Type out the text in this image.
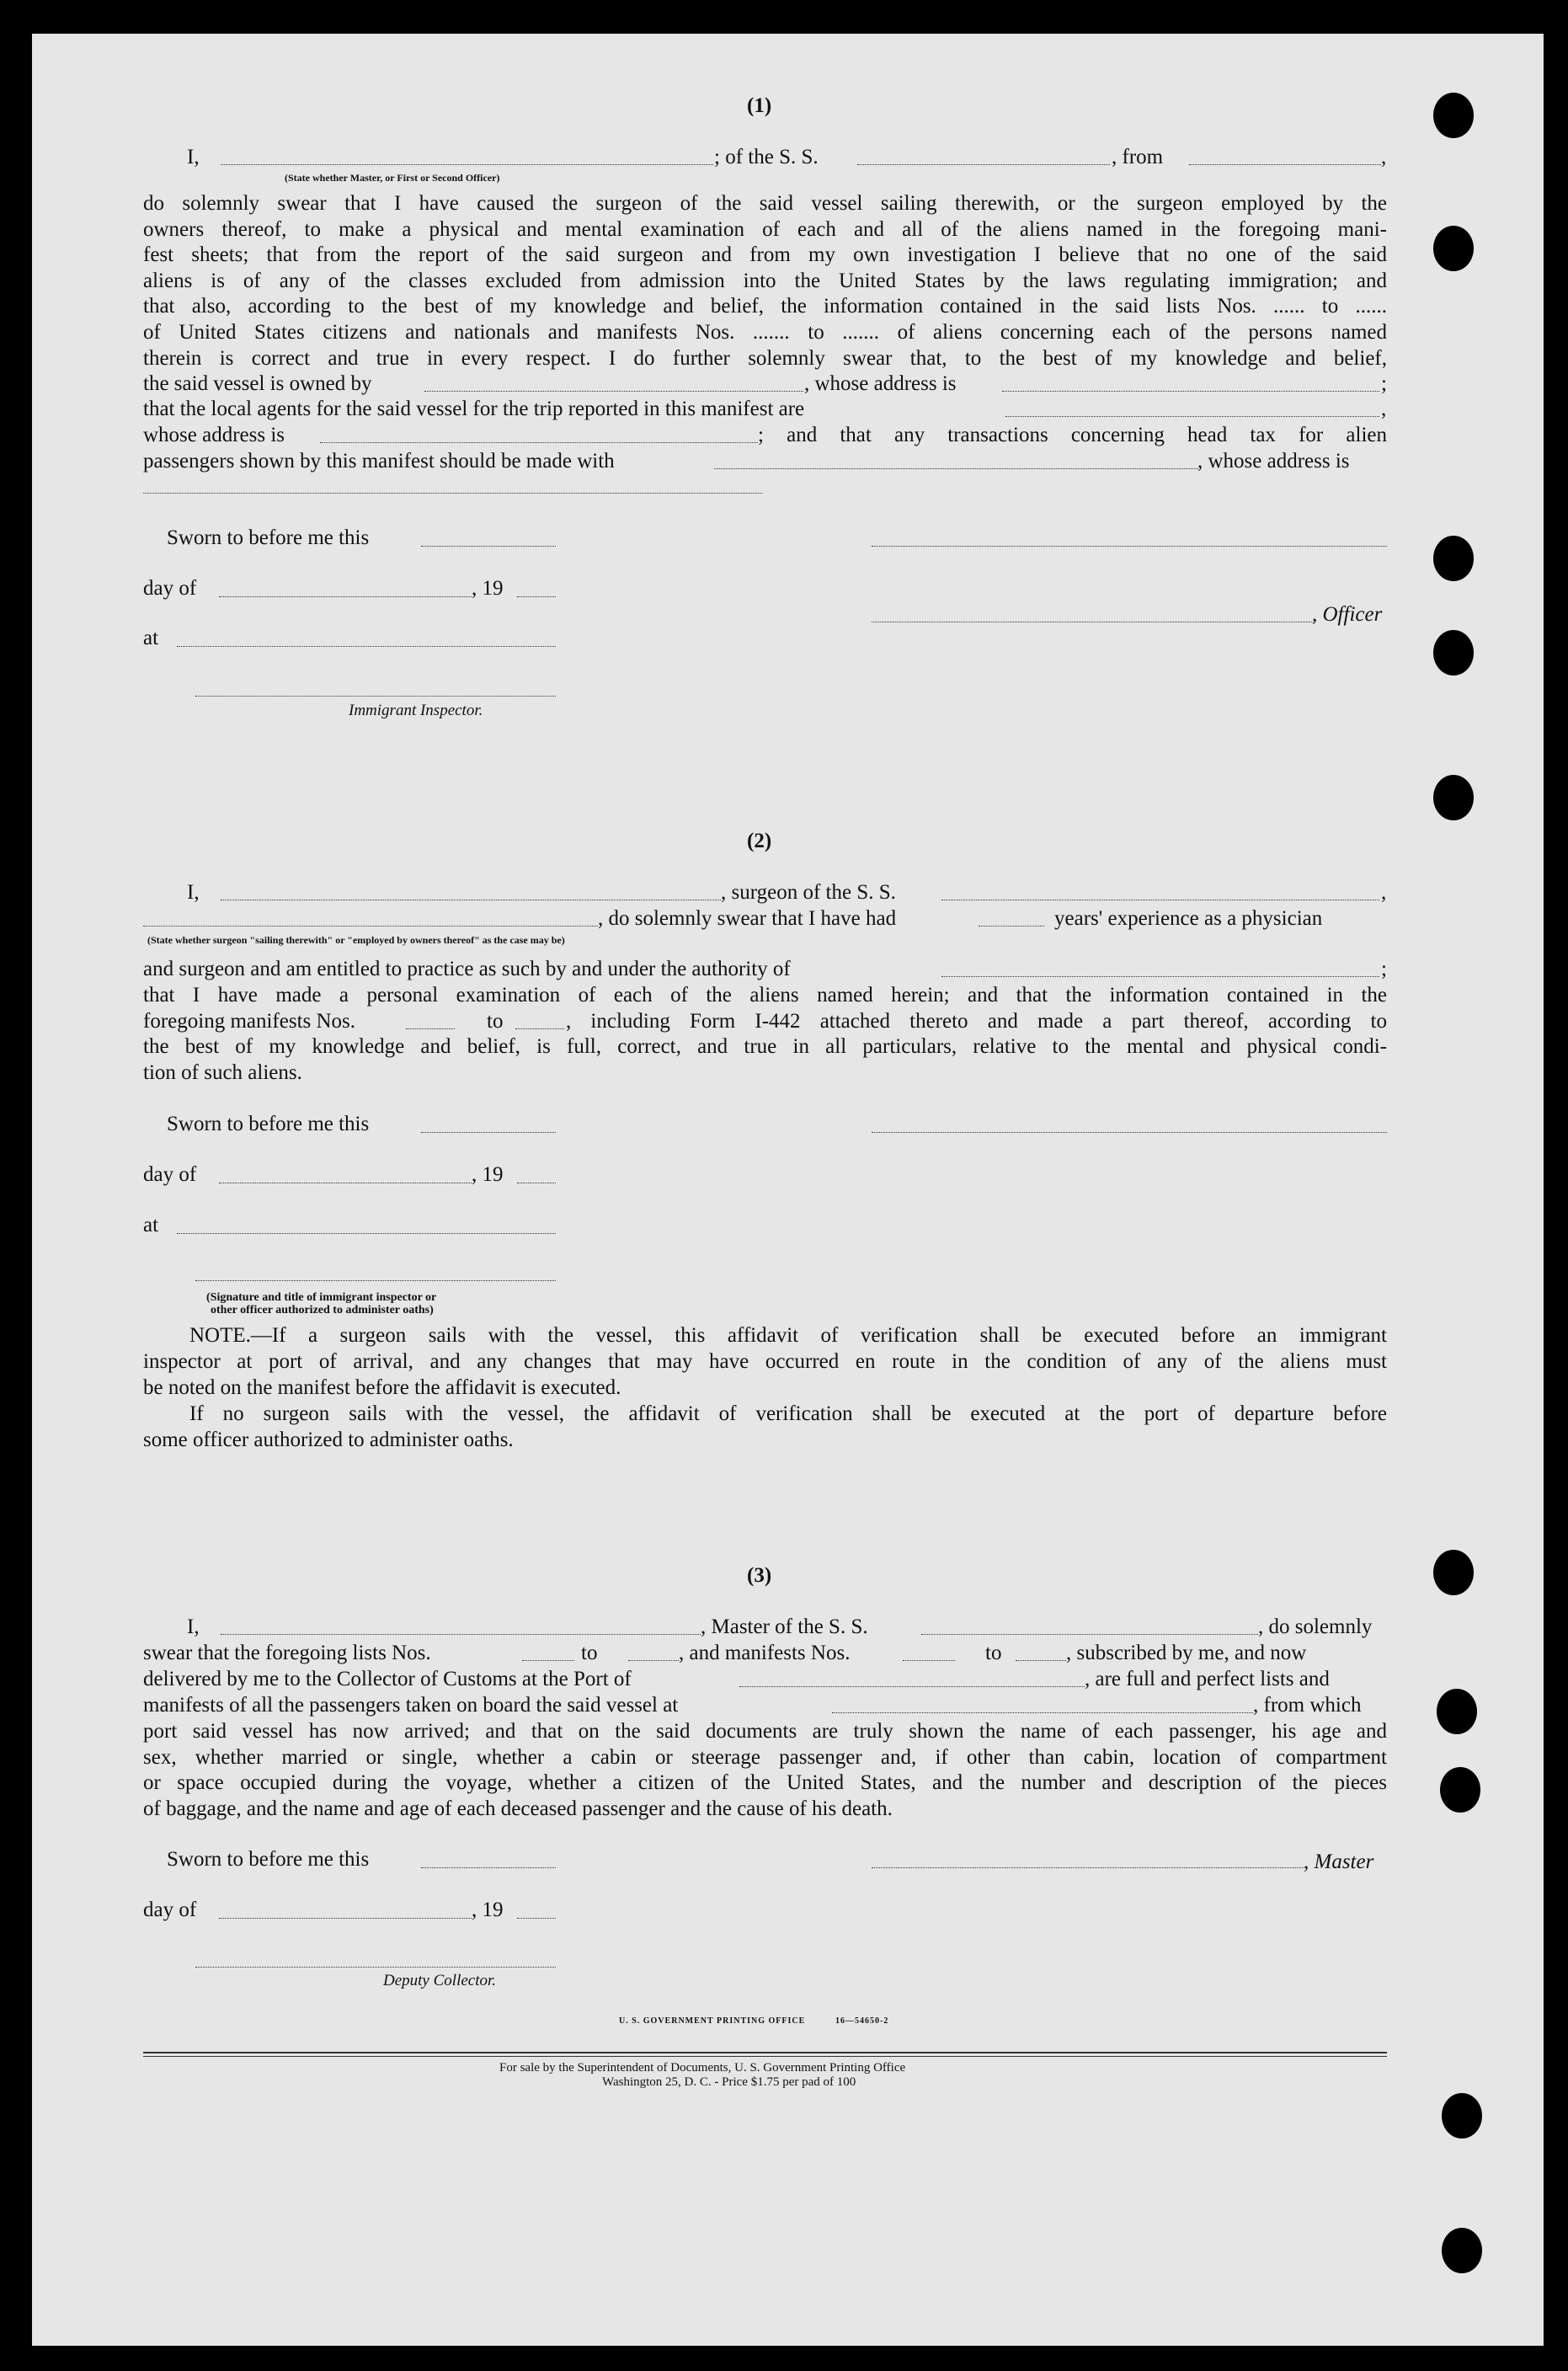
(1)
I,	; of the S. S.	, from	,
(State whether Master, or First or Second Officer)
do solemnly swear that I have caused the surgeon of the said vessel sailing therewith, or the surgeon employed by the
owners thereof, to make a physical and mental examination of each and all of the aliens named in the foregoing mani-
fest sheets; that from the report of the said surgeon and from my own investigation I believe that no one of the said
aliens is of any of the classes excluded from admission into the United States by the laws regulating immigration; and
that also, according to the best of my knowledge and belief, the information contained in the said lists Nos. ...... to ......
of United States citizens and nationals and manifests Nos. ....... to ....... of aliens concerning each of the persons named
therein is correct and true in every respect. I do further solemnly swear that, to the best of my knowledge and belief,
the said vessel is owned by	, whose address is	;
that the local agents for the said vessel for the trip reported in this manifest are	,
whose address is	; and that any transactions concerning head tax for alien
passengers shown by this manifest should be made with	, whose address is
Sworn to before me this
day of	, 19
, Officer
at
Immigrant Inspector.
(2)
I,	, surgeon of the S. S.	,
, do solemnly swear that I have had	years' experience as a physician
(State whether surgeon "sailing therewith" or "employed by owners thereof" as the case may be)
and surgeon and am entitled to practice as such by and under the authority of	;
that I have made a personal examination of each of the aliens named herein; and that the information contained in the
foregoing manifests Nos.	to	, including Form I-442 attached thereto and made a part thereof, according to
the best of my knowledge and belief, is full, correct, and true in all particulars, relative to the mental and physical condi-
tion of such aliens.
Sworn to before me this
day of	, 19
at
(Signature and title of immigrant inspector or
other officer authorized to administer oaths)
NOTE.—If a surgeon sails with the vessel, this affidavit of verification shall be executed before an immigrant
inspector at port of arrival, and any changes that may have occurred en route in the condition of any of the aliens must
be noted on the manifest before the affidavit is executed.
If no surgeon sails with the vessel, the affidavit of verification shall be executed at the port of departure before
some officer authorized to administer oaths.
(3)
I,	, Master of the S. S.	, do solemnly
swear that the foregoing lists Nos.	to	, and manifests Nos.	to	, subscribed by me, and now
delivered by me to the Collector of Customs at the Port of	, are full and perfect lists and
manifests of all the passengers taken on board the said vessel at	, from which
port said vessel has now arrived; and that on the said documents are truly shown the name of each passenger, his age and
sex, whether married or single, whether a cabin or steerage passenger and, if other than cabin, location of compartment
or space occupied during the voyage, whether a citizen of the United States, and the number and description of the pieces
of baggage, and the name and age of each deceased passenger and the cause of his death.
Sworn to before me this	, Master
day of	, 19
Deputy Collector.
U. S. GOVERNMENT PRINTING OFFICE	16—54650-2
For sale by the Superintendent of Documents, U. S. Government Printing Office
Washington 25, D. C. - Price $1.75 per pad of 100
